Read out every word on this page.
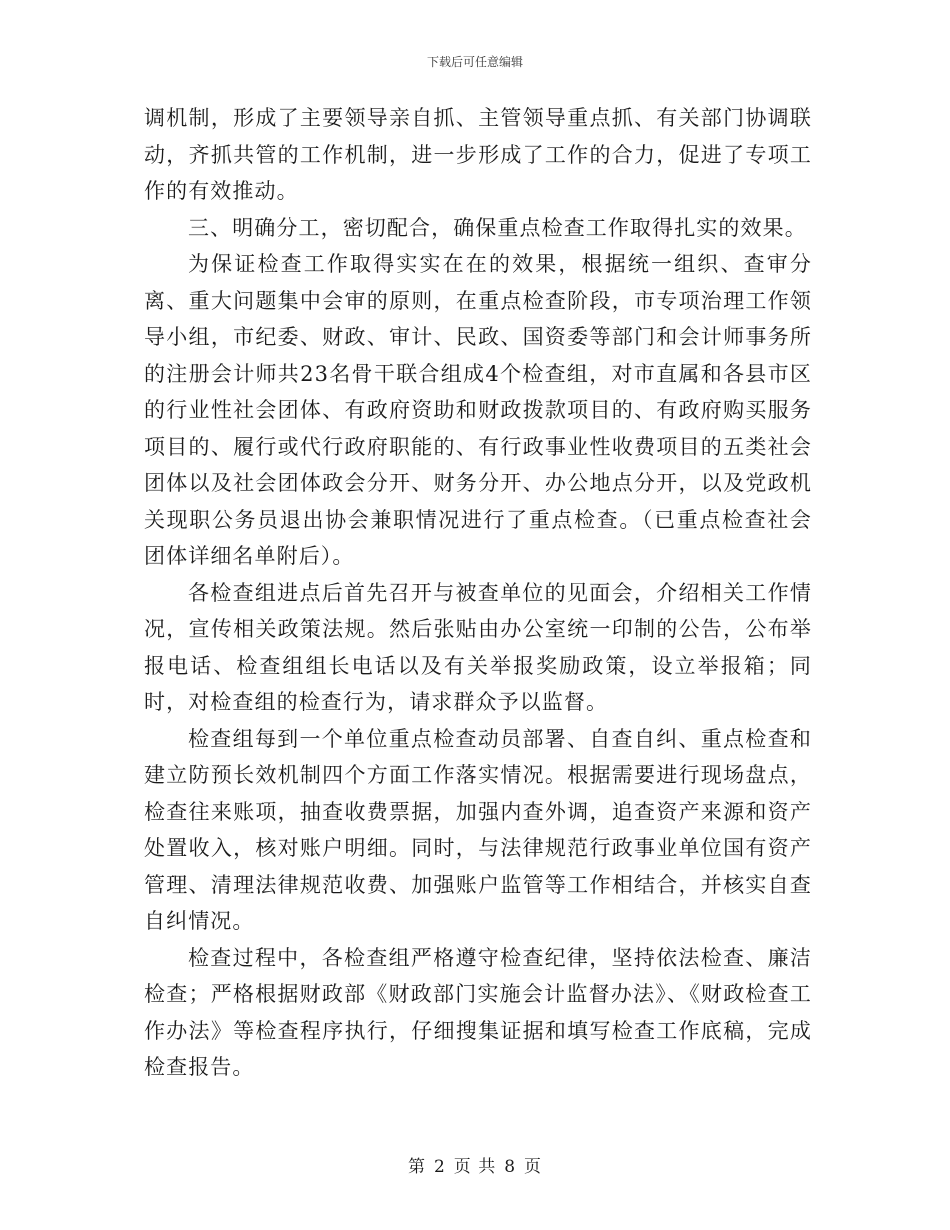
下载后可任意编辑

调机制，形成了主要领导亲自抓、主管领导重点抓、有关部门协调联动，齐抓共管的工作机制，进一步形成了工作的合力，促进了专项工作的有效推动。

三、明确分工，密切配合，确保重点检查工作取得扎实的效果。

为保证检查工作取得实实在在的效果，根据统一组织、查审分离、重大问题集中会审的原则，在重点检查阶段，市专项治理工作领导小组，市纪委、财政、审计、民政、国资委等部门和会计师事务所的注册会计师共23名骨干联合组成4个检查组，对市直属和各县市区的行业性社会团体、有政府资助和财政拨款项目的、有政府购买服务项目的、履行或代行政府职能的、有行政事业性收费项目的五类社会团体以及社会团体政会分开、财务分开、办公地点分开，以及党政机关现职公务员退出协会兼职情况进行了重点检查。（已重点检查社会团体详细名单附后）。

各检查组进点后首先召开与被查单位的见面会，介绍相关工作情况，宣传相关政策法规。然后张贴由办公室统一印制的公告，公布举报电话、检查组组长电话以及有关举报奖励政策，设立举报箱；同时，对检查组的检查行为，请求群众予以监督。

检查组每到一个单位重点检查动员部署、自查自纠、重点检查和建立防预长效机制四个方面工作落实情况。根据需要进行现场盘点，检查往来账项，抽查收费票据，加强内查外调，追查资产来源和资产处置收入，核对账户明细。同时，与法律规范行政事业单位国有资产管理、清理法律规范收费、加强账户监管等工作相结合，并核实自查自纠情况。

检查过程中，各检查组严格遵守检查纪律，坚持依法检查、廉洁检查；严格根据财政部《财政部门实施会计监督办法》、《财政检查工作办法》等检查程序执行，仔细搜集证据和填写检查工作底稿，完成检查报告。

第 2 页 共 8 页
